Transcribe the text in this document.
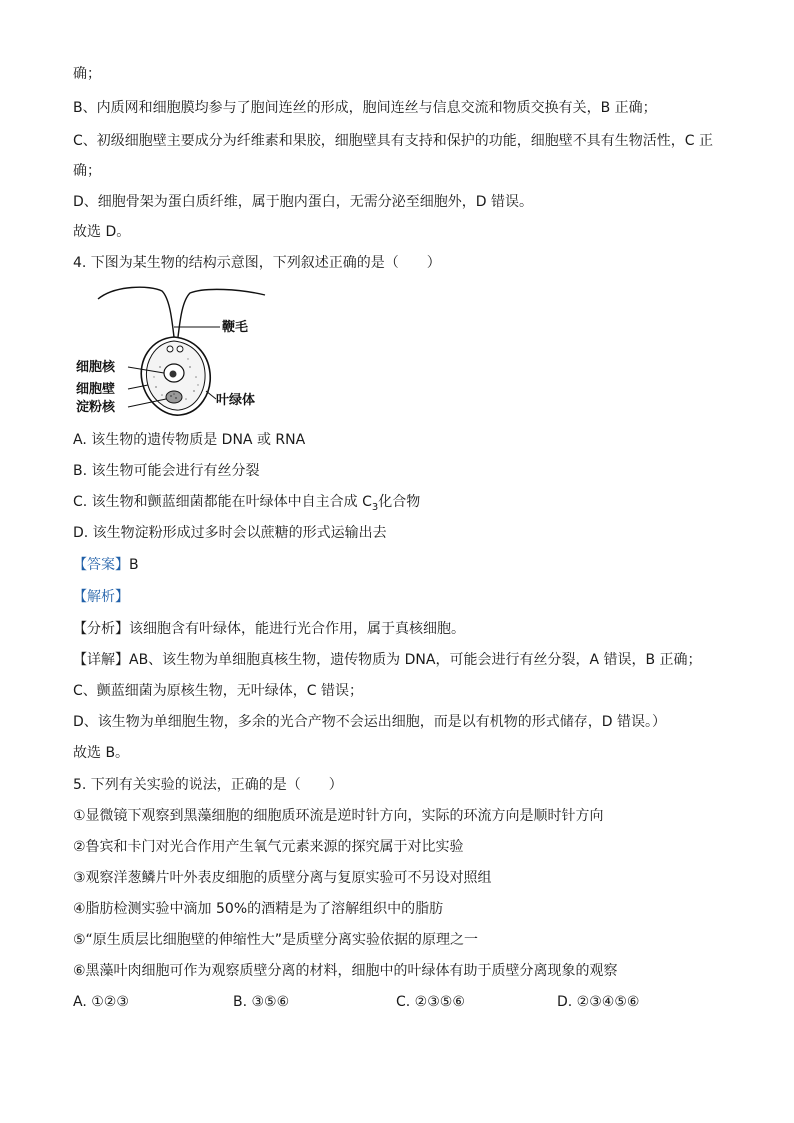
确；
B、内质网和细胞膜均参与了胞间连丝的形成，胞间连丝与信息交流和物质交换有关，B 正确；
C、初级细胞壁主要成分为纤维素和果胶，细胞壁具有支持和保护的功能，细胞壁不具有生物活性，C 正
确；
D、细胞骨架为蛋白质纤维，属于胞内蛋白，无需分泌至细胞外，D 错误。
故选 D。
4. 下图为某生物的结构示意图，下列叙述正确的是（　　）
鞭毛
细胞核
细胞壁
淀粉核	叶绿体
A. 该生物的遗传物质是 DNA 或 RNA
B. 该生物可能会进行有丝分裂
C. 该生物和颤蓝细菌都能在叶绿体中自主合成 $C_3$化合物
D. 该生物淀粉形成过多时会以蔗糖的形式运输出去
【答案】B
【解析】
【分析】该细胞含有叶绿体，能进行光合作用，属于真核细胞。
【详解】AB、该生物为单细胞真核生物，遗传物质为 DNA，可能会进行有丝分裂，A 错误，B 正确；
C、颤蓝细菌为原核生物，无叶绿体，C 错误；
D、该生物为单细胞生物，多余的光合产物不会运出细胞，而是以有机物的形式储存，D 错误。）
故选 B。
5. 下列有关实验的说法，正确的是（　　）
①显微镜下观察到黑藻细胞的细胞质环流是逆时针方向，实际的环流方向是顺时针方向
②鲁宾和卡门对光合作用产生氧气元素来源的探究属于对比实验
③观察洋葱鳞片叶外表皮细胞的质壁分离与复原实验可不另设对照组
④脂肪检测实验中滴加 50%的酒精是为了溶解组织中的脂肪
⑤“原生质层比细胞壁的伸缩性大”是质壁分离实验依据的原理之一
⑥黑藻叶肉细胞可作为观察质壁分离的材料，细胞中的叶绿体有助于质壁分离现象的观察
A. ①②③	B. ③⑤⑥	C. ②③⑤⑥	D. ②③④⑤⑥
